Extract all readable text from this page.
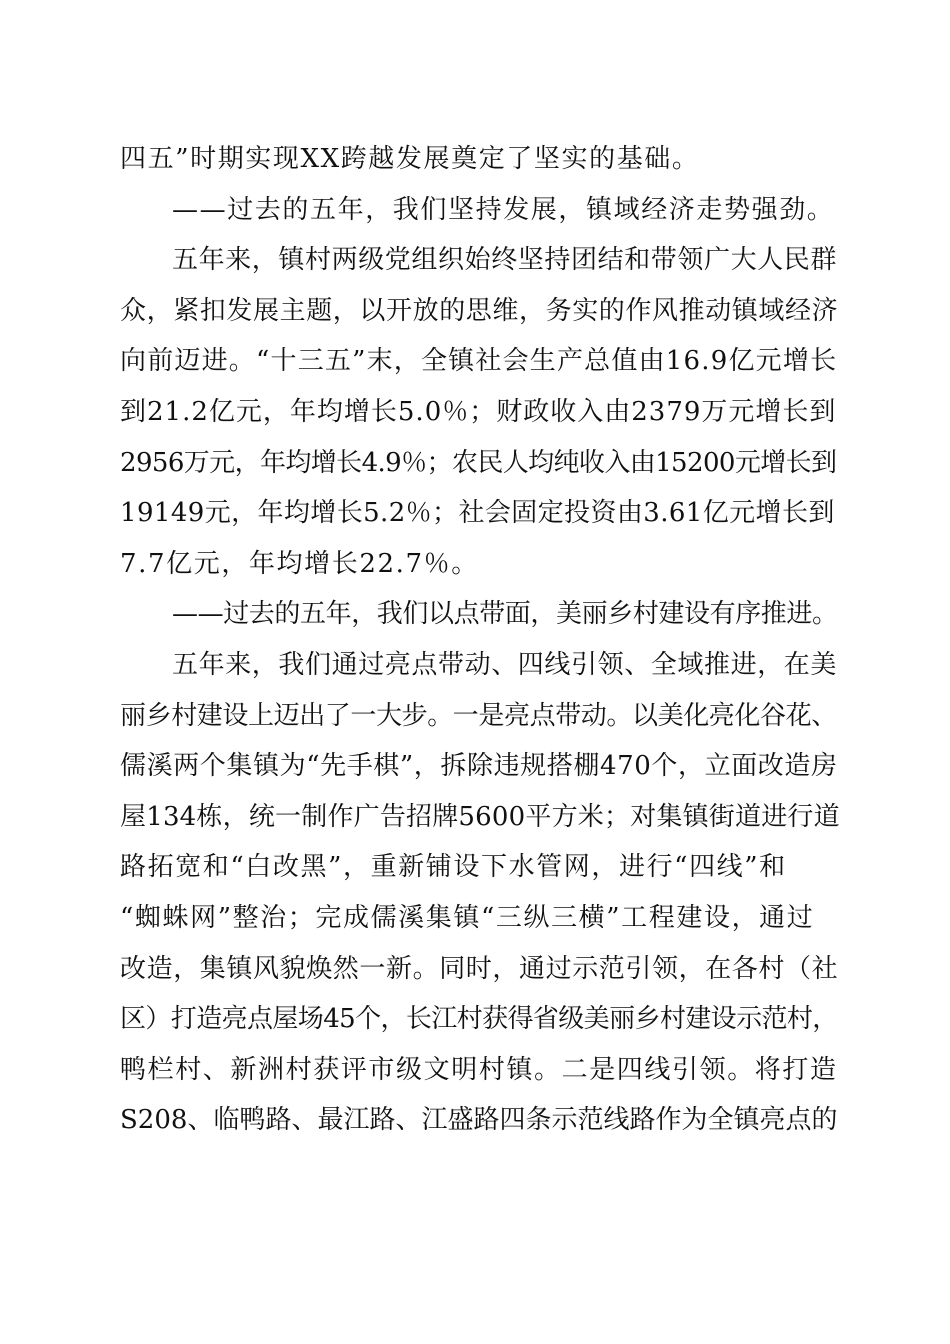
四五”时期实现XX跨越发展奠定了坚实的基础。
——过去的五年，我们坚持发展，镇域经济走势强劲。
五年来，镇村两级党组织始终坚持团结和带领广大人民群
众，紧扣发展主题，以开放的思维，务实的作风推动镇域经济
向前迈进。“十三五”末，全镇社会生产总值由16.9亿元增长
到21.2亿元，年均增长5.0％；财政收入由2379万元增长到
2956万元，年均增长4.9％；农民人均纯收入由15200元增长到
19149元，年均增长5.2％；社会固定投资由3.61亿元增长到
7.7亿元，年均增长22.7％。
——过去的五年，我们以点带面，美丽乡村建设有序推进。
五年来，我们通过亮点带动、四线引领、全域推进，在美
丽乡村建设上迈出了一大步。一是亮点带动。以美化亮化谷花、
儒溪两个集镇为“先手棋”，拆除违规搭棚470个，立面改造房
屋134栋，统一制作广告招牌5600平方米；对集镇街道进行道
路拓宽和“白改黑”，重新铺设下水管网，进行“四线”和
“蜘蛛网”整治；完成儒溪集镇“三纵三横”工程建设，通过
改造，集镇风貌焕然一新。同时，通过示范引领，在各村（社
区）打造亮点屋场45个，长江村获得省级美丽乡村建设示范村，
鸭栏村、新洲村获评市级文明村镇。二是四线引领。将打造
S208、临鸭路、最江路、江盛路四条示范线路作为全镇亮点的
